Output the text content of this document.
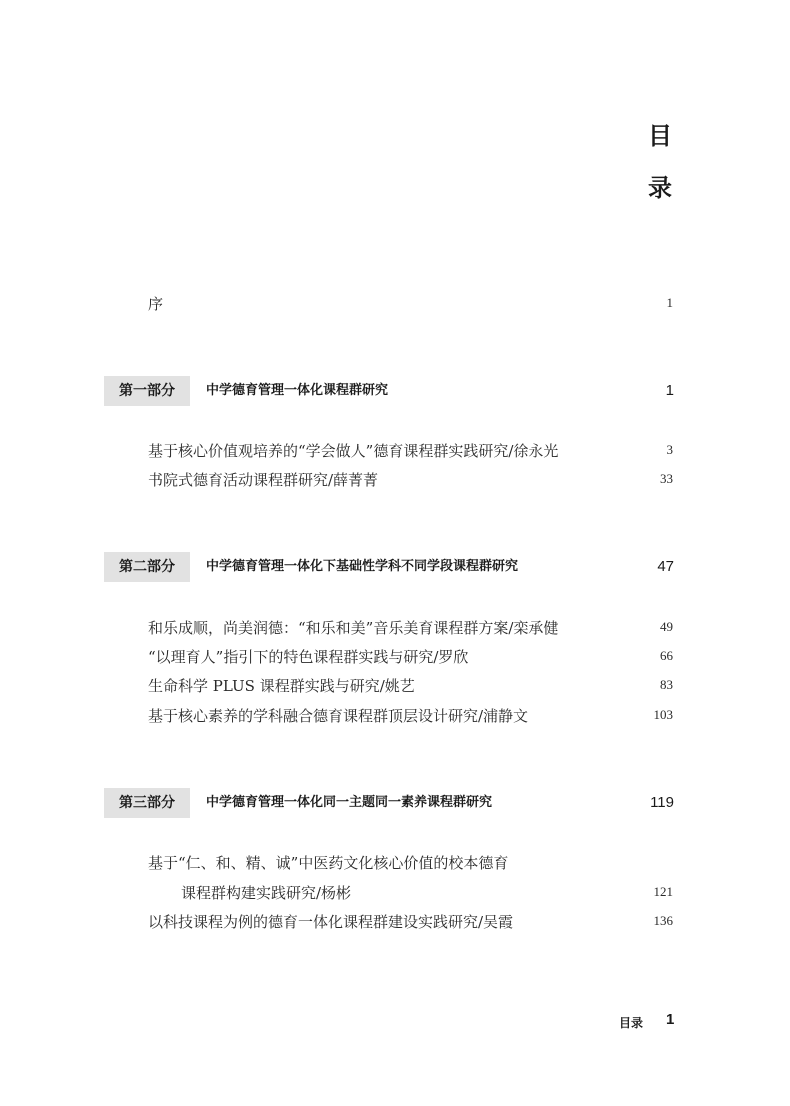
目
录
序	1
第一部分	中学德育管理一体化课程群研究	1
基于核心价值观培养的“学会做人”德育课程群实践研究/徐永光	3
书院式德育活动课程群研究/薛菁菁	33
第二部分	中学德育管理一体化下基础性学科不同学段课程群研究	47
和乐成顺，尚美润德：“和乐和美”音乐美育课程群方案/栾承健	49
“以理育人”指引下的特色课程群实践与研究/罗欣	66
生命科学 PLUS 课程群实践与研究/姚艺	83
基于核心素养的学科融合德育课程群顶层设计研究/浦静文	103
第三部分	中学德育管理一体化同一主题同一素养课程群研究	119
基于“仁、和、精、诚”中医药文化核心价值的校本德育
课程群构建实践研究/杨彬	121
以科技课程为例的德育一体化课程群建设实践研究/吴霞	136
目录 1
